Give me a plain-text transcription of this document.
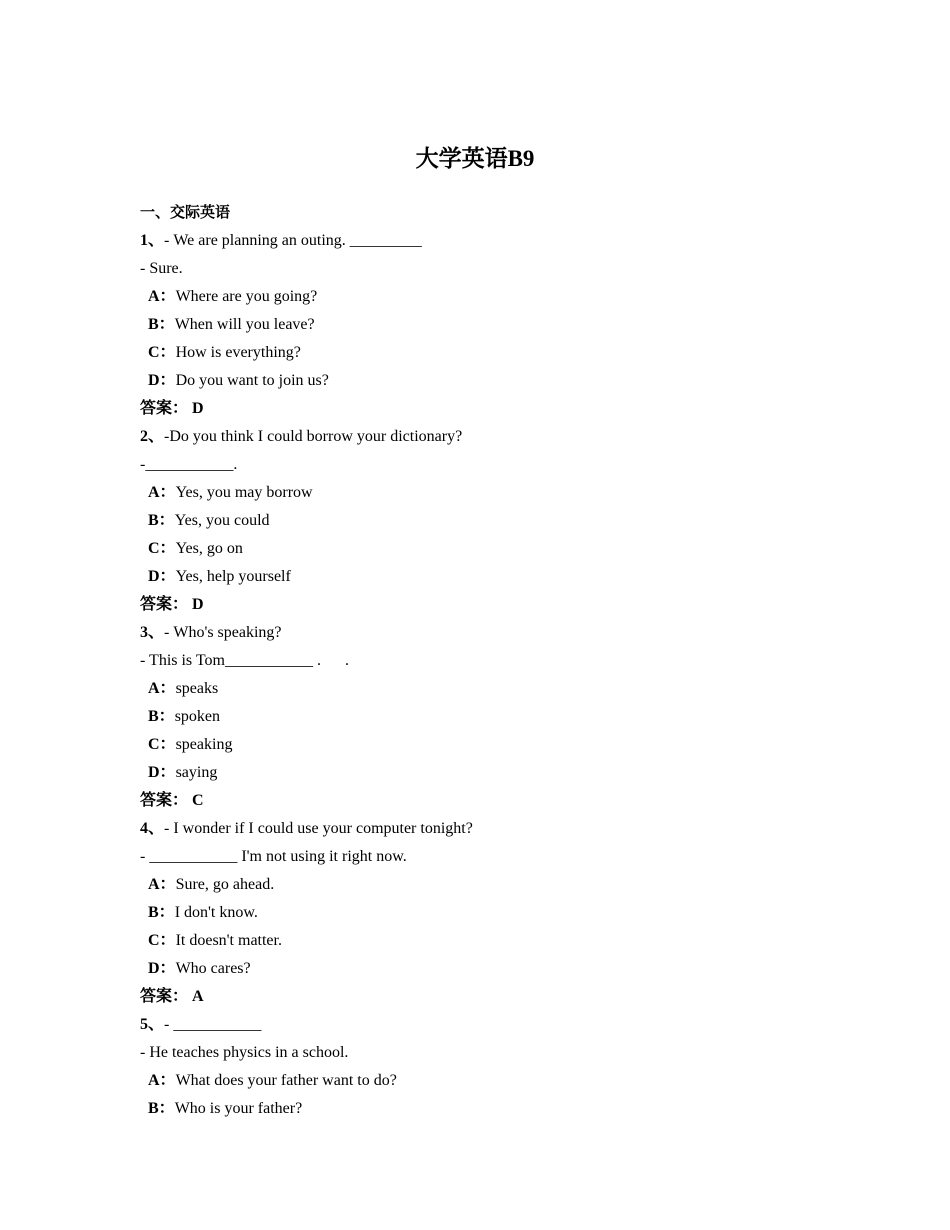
大学英语B9
一、交际英语
1、- We are planning an outing. _________
- Sure.
A：Where are you going?
B：When will you leave?
C：How is everything?
D：Do you want to join us?
答案： D
2、-Do you think I could borrow your dictionary?
-___________.
A：Yes, you may borrow
B：Yes, you could
C：Yes, go on
D：Yes, help yourself
答案： D
3、- Who's speaking?
- This is Tom___________ .      .
A：speaks
B：spoken
C：speaking
D：saying
答案： C
4、- I wonder if I could use your computer tonight?
- ___________ I'm not using it right now.
A：Sure, go ahead.
B：I don't know.
C：It doesn't matter.
D：Who cares?
答案： A
5、- ___________
- He teaches physics in a school.
A：What does your father want to do?
B：Who is your father?
